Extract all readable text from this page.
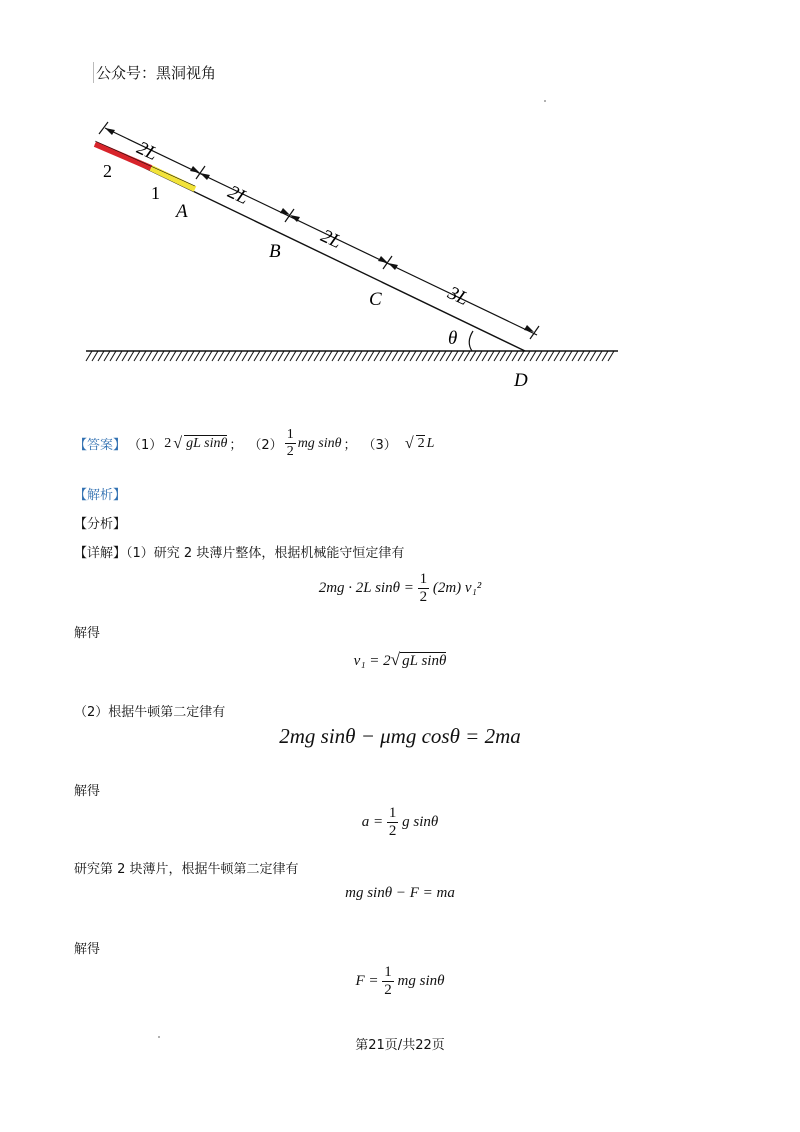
公众号：黑洞视角
2L
2L
2L
3L
2
1
A
B
C
θ
D
【答案】 （1） 2 √ gL sinθ ； $(2) \frac{1}{2}$ mg sinθ ； （3） √ 2 L
【解析】
【分析】
【详解】（1）研究 2 块薄片整体，根据机械能守恒定律有
2mg · 2L $\sin\theta = \frac{1}{2} (2m)$ v₁²
解得
v₁ = 2√ gL sinθ
（2）根据牛顿第二定律有
2mg sinθ − μmg cosθ = 2ma
解得
$a = \frac{1}{2}$ g sinθ
研究第 2 块薄片，根据牛顿第二定律有
mg sinθ − F = ma
解得
$F = \frac{1}{2}$ mg sinθ
第21页/共22页
